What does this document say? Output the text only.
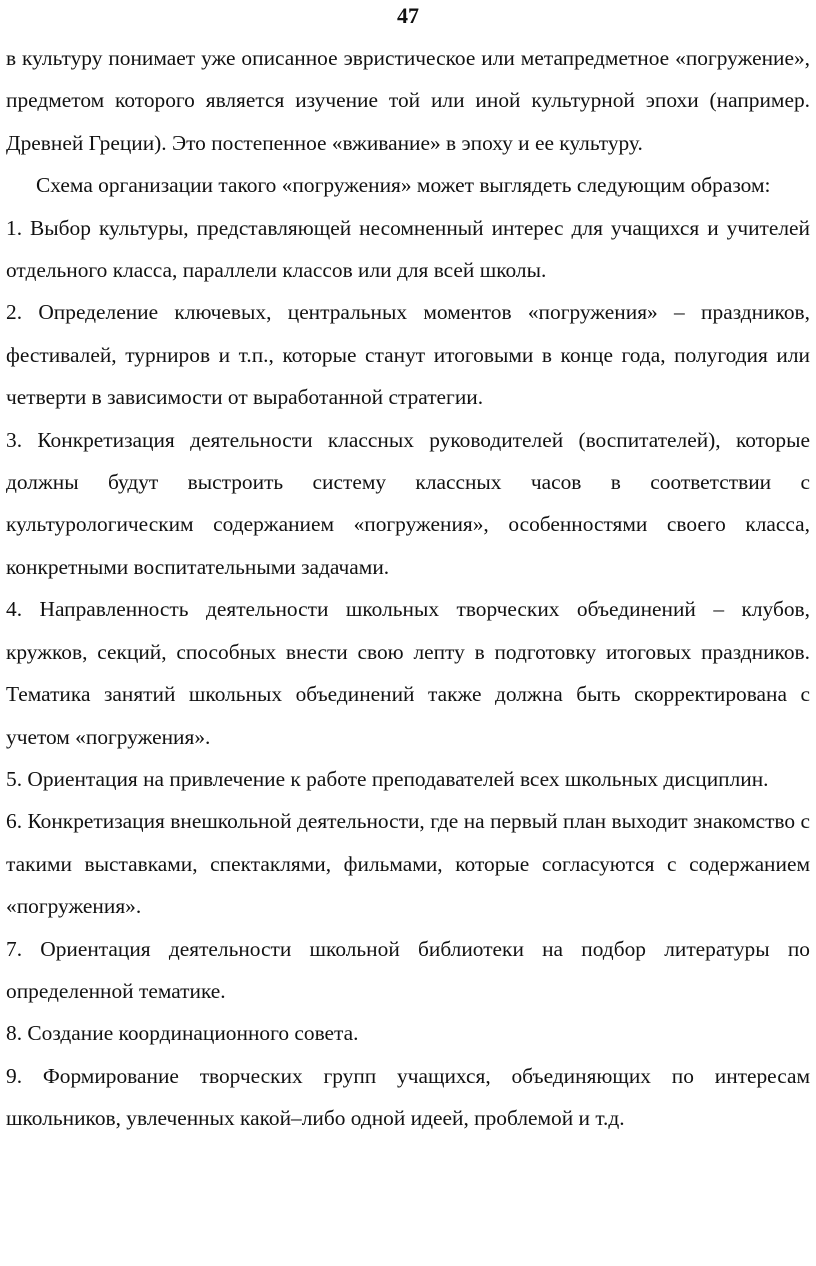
47

в культуру понимает уже описанное эвристическое или метапредметное «погружение», предметом которого является изучение той или иной культурной эпохи (например. Древней Греции). Это постепенное «вживание» в эпоху и ее культуру.

Схема организации такого «погружения» может выглядеть следующим образом:

1. Выбор культуры, представляющей несомненный интерес для учащихся и учителей отдельного класса, параллели классов или для всей школы.

2. Определение ключевых, центральных моментов «погружения» – праздников, фестивалей, турниров и т.п., которые станут итоговыми в конце года, полугодия или четверти в зависимости от выработанной стратегии.

3. Конкретизация деятельности классных руководителей (воспитателей), которые должны будут выстроить систему классных часов в соответствии с культурологическим содержанием «погружения», особенностями своего класса, конкретными воспитательными задачами.

4. Направленность деятельности школьных творческих объединений – клубов, кружков, секций, способных внести свою лепту в подготовку итоговых праздников. Тематика занятий школьных объединений также должна быть скорректирована с учетом «погружения».

5. Ориентация на привлечение к работе преподавателей всех школьных дисциплин.

6. Конкретизация внешкольной деятельности, где на первый план выходит знакомство с такими выставками, спектаклями, фильмами, которые согласуются с содержанием «погружения».

7. Ориентация деятельности школьной библиотеки на подбор литературы по определенной тематике.

8. Создание координационного совета.

9. Формирование творческих групп учащихся, объединяющих по интересам школьников, увлеченных какой–либо одной идеей, проблемой и т.д.
